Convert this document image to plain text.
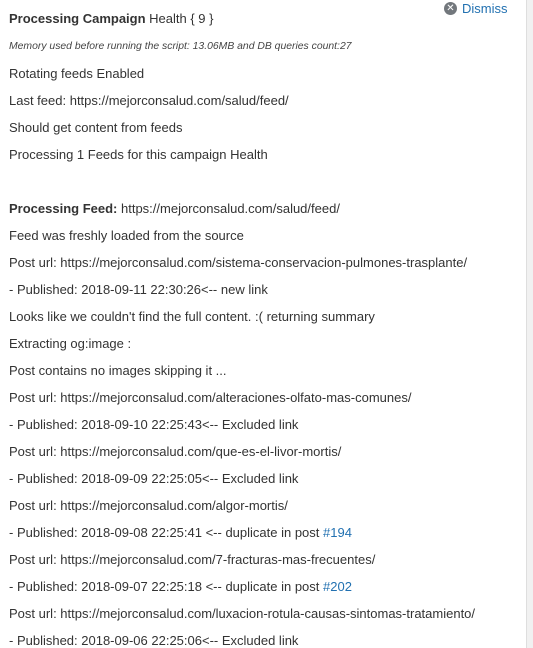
✕ Dismiss
Processing Campaign Health { 9 }
Memory used before running the script: 13.06MB and DB queries count:27
Rotating feeds Enabled
Last feed: https://mejorconsalud.com/salud/feed/
Should get content from feeds
Processing 1 Feeds for this campaign Health
Processing Feed: https://mejorconsalud.com/salud/feed/
Feed was freshly loaded from the source
Post url: https://mejorconsalud.com/sistema-conservacion-pulmones-trasplante/
- Published: 2018-09-11 22:30:26<-- new link
Looks like we couldn't find the full content. :( returning summary
Extracting og:image :
Post contains no images skipping it ...
Post url: https://mejorconsalud.com/alteraciones-olfato-mas-comunes/
- Published: 2018-09-10 22:25:43<-- Excluded link
Post url: https://mejorconsalud.com/que-es-el-livor-mortis/
- Published: 2018-09-09 22:25:05<-- Excluded link
Post url: https://mejorconsalud.com/algor-mortis/
- Published: 2018-09-08 22:25:41 <-- duplicate in post #194
Post url: https://mejorconsalud.com/7-fracturas-mas-frecuentes/
- Published: 2018-09-07 22:25:18 <-- duplicate in post #202
Post url: https://mejorconsalud.com/luxacion-rotula-causas-sintomas-tratamiento/
- Published: 2018-09-06 22:25:06<-- Excluded link
